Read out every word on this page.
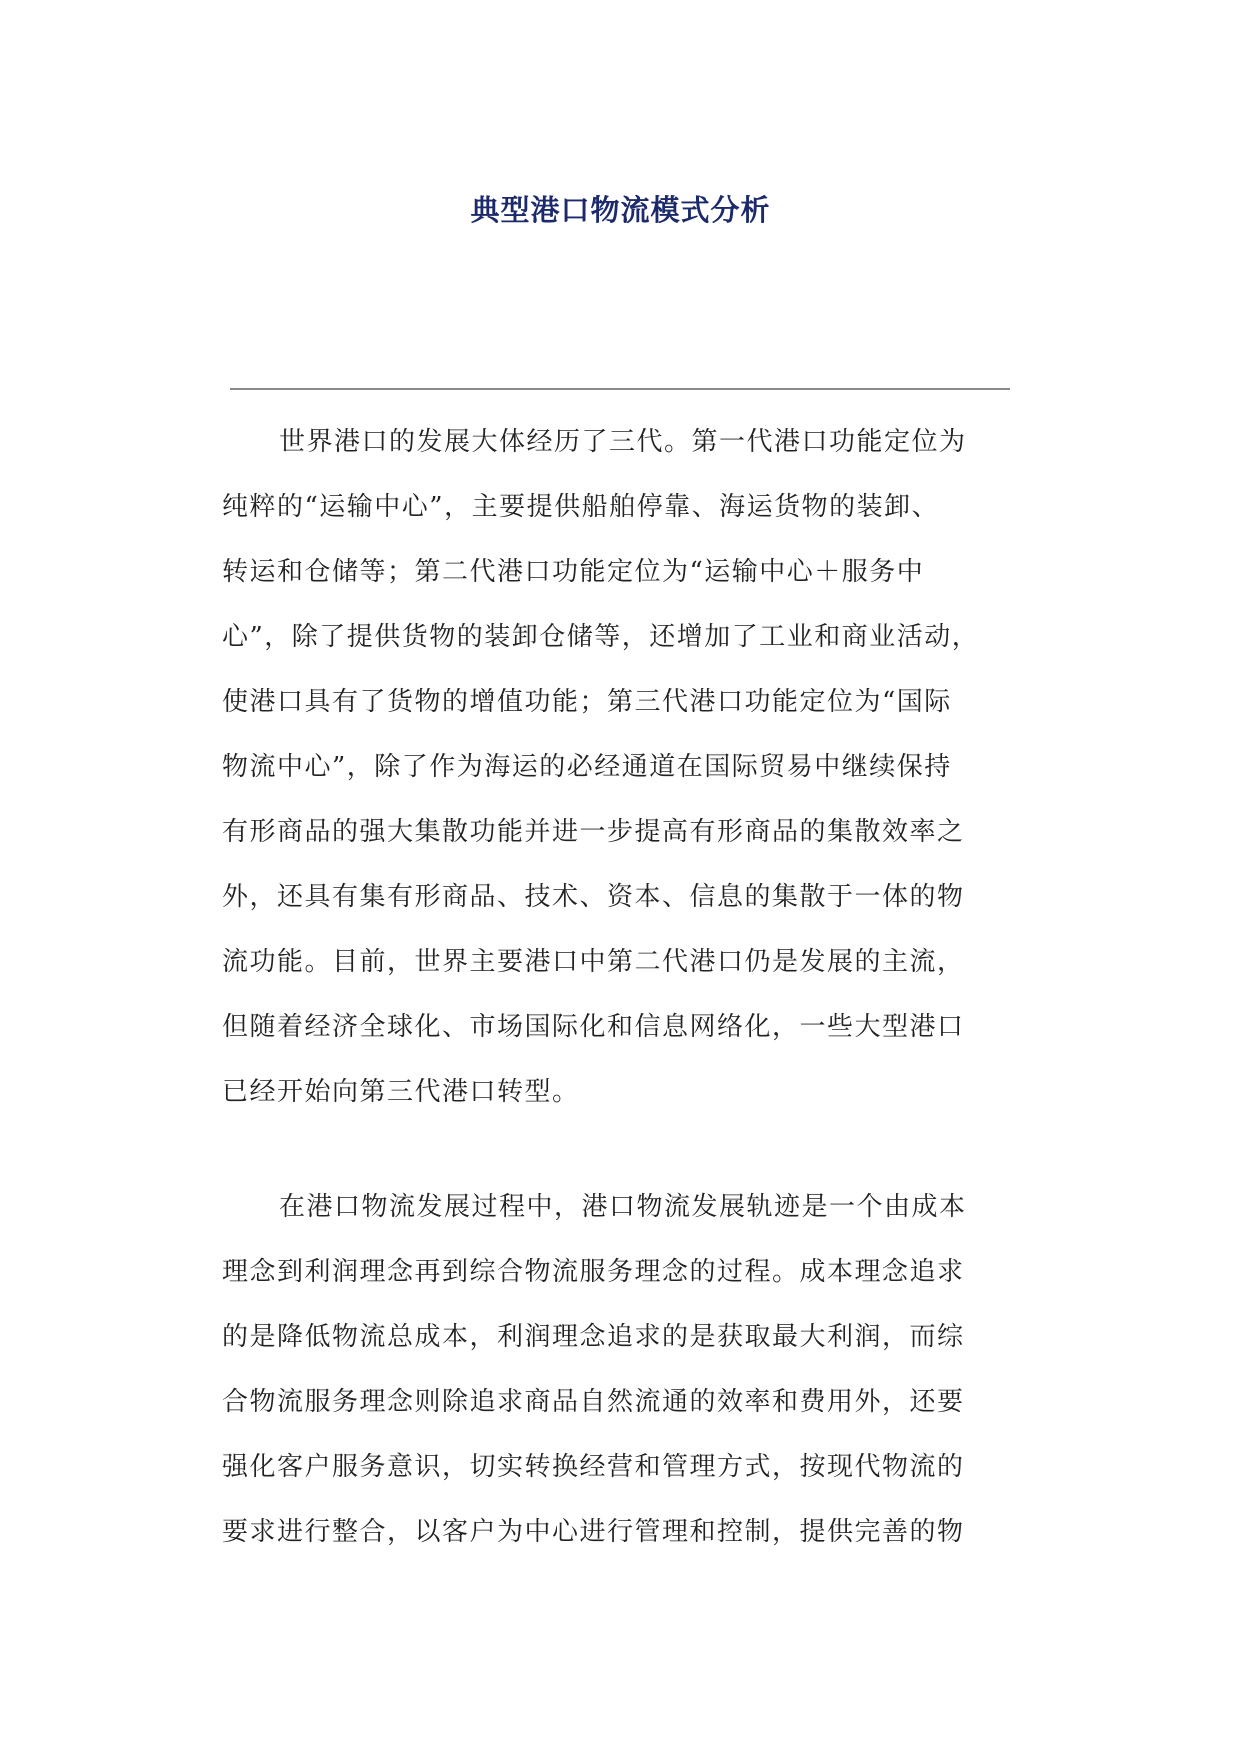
典型港口物流模式分析

世界港口的发展大体经历了三代。第一代港口功能定位为
纯粹的“运输中心”，主要提供船舶停靠、海运货物的装卸、
转运和仓储等；第二代港口功能定位为“运输中心＋服务中
心”，除了提供货物的装卸仓储等，还增加了工业和商业活动，
使港口具有了货物的增值功能；第三代港口功能定位为“国际
物流中心”，除了作为海运的必经通道在国际贸易中继续保持
有形商品的强大集散功能并进一步提高有形商品的集散效率之
外，还具有集有形商品、技术、资本、信息的集散于一体的物
流功能。目前，世界主要港口中第二代港口仍是发展的主流，
但随着经济全球化、市场国际化和信息网络化，一些大型港口
已经开始向第三代港口转型。

在港口物流发展过程中，港口物流发展轨迹是一个由成本
理念到利润理念再到综合物流服务理念的过程。成本理念追求
的是降低物流总成本，利润理念追求的是获取最大利润，而综
合物流服务理念则除追求商品自然流通的效率和费用外，还要
强化客户服务意识，切实转换经营和管理方式，按现代物流的
要求进行整合，以客户为中心进行管理和控制，提供完善的物
